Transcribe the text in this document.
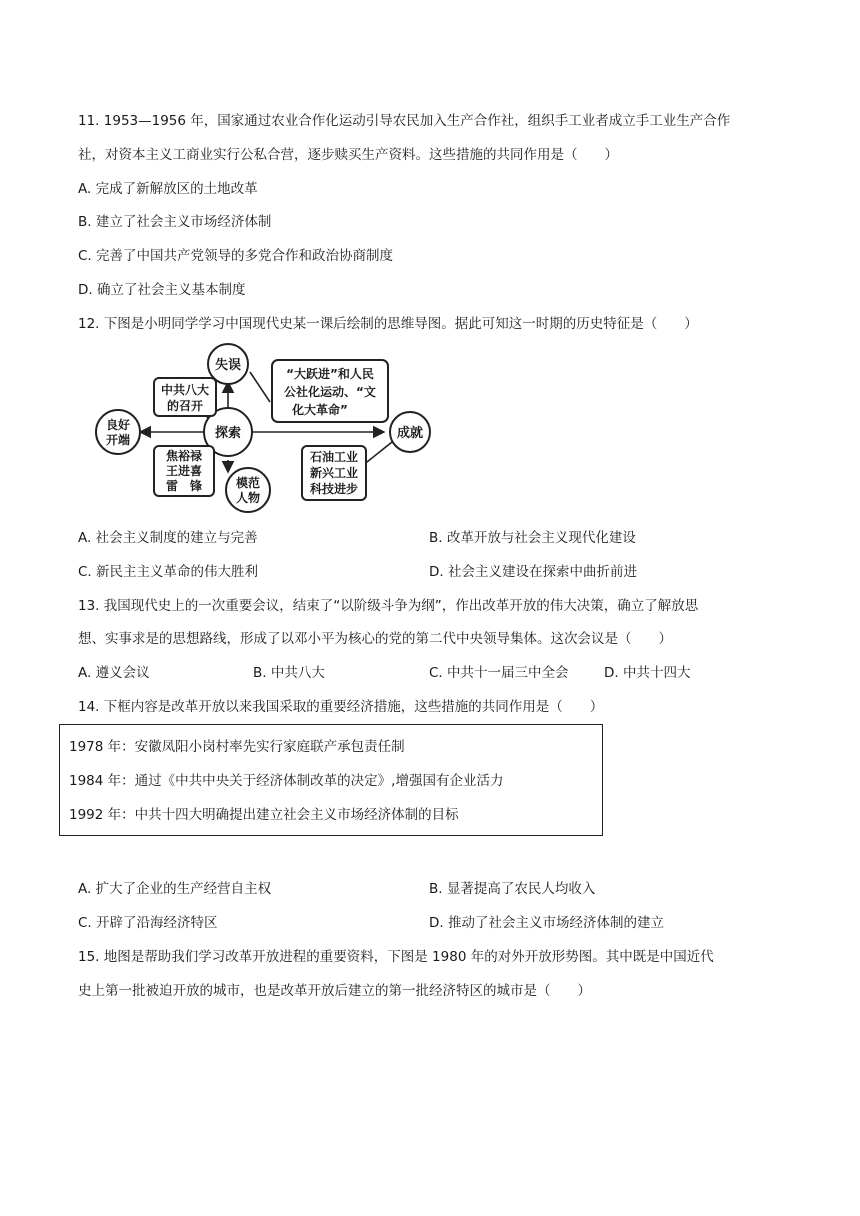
11. 1953—1956 年，国家通过农业合作化运动引导农民加入生产合作社，组织手工业者成立手工业生产合作
社，对资本主义工商业实行公私合营，逐步赎买生产资料。这些措施的共同作用是（　　）
A. 完成了新解放区的土地改革
B. 建立了社会主义市场经济体制
C. 完善了中国共产党领导的多党合作和政治协商制度
D. 确立了社会主义基本制度
12. 下图是小明同学学习中国现代史某一课后绘制的思维导图。据此可知这一时期的历史特征是（　　）
失误
探索
良好
开端	成就
模范
人物
中共八大
的召开
焦裕禄
王进喜
雷　锋
“大跃进”和人民
公社化运动、“文
化大革命”
石油工业
新兴工业
科技进步
A. 社会主义制度的建立与完善	B. 改革开放与社会主义现代化建设
C. 新民主主义革命的伟大胜利	D. 社会主义建设在探索中曲折前进
13. 我国现代史上的一次重要会议，结束了“以阶级斗争为纲”，作出改革开放的伟大决策，确立了解放思
想、实事求是的思想路线，形成了以邓小平为核心的党的第二代中央领导集体。这次会议是（　　）
A. 遵义会议	B. 中共八大	C. 中共十一届三中全会	D. 中共十四大
14. 下框内容是改革开放以来我国采取的重要经济措施，这些措施的共同作用是（　　）
1978 年：安徽凤阳小岗村率先实行家庭联产承包责任制
1984 年：通过《中共中央关于经济体制改革的决定》,增强国有企业活力
1992 年：中共十四大明确提出建立社会主义市场经济体制的目标
A. 扩大了企业的生产经营自主权	B. 显著提高了农民人均收入
C. 开辟了沿海经济特区	D. 推动了社会主义市场经济体制的建立
15. 地图是帮助我们学习改革开放进程的重要资料，下图是 1980 年的对外开放形势图。其中既是中国近代
史上第一批被迫开放的城市，也是改革开放后建立的第一批经济特区的城市是（　　）
